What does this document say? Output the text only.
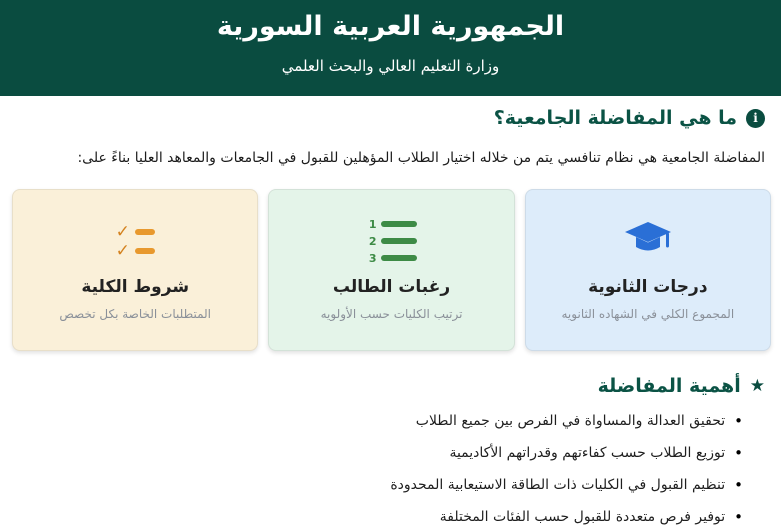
الجمهورية العربية السورية
وزارة التعليم العالي والبحث العلمي
i
ما هي المفاضلة الجامعية؟
المفاضلة الجامعية هي نظام تنافسي يتم من خلاله اختيار الطلاب المؤهلين للقبول في الجامعات والمعاهد العليا بناءً على:
درجات الثانوية
المجموع الكلي في الشهاده الثانويه
1
2
3
رغبات الطالب
ترتيب الكليات حسب الأولويه
✓
✓
شروط الكلية
المتطلبات الخاصة بكل تخصص
★
أهمية المفاضلة
•
تحقيق العدالة والمساواة في الفرص بين جميع الطلاب
•
توزيع الطلاب حسب كفاءتهم وقدراتهم الأكاديمية
•
تنظيم القبول في الكليات ذات الطاقة الاستيعابية المحدودة
•
توفير فرص متعددة للقبول حسب الفئات المختلفة
